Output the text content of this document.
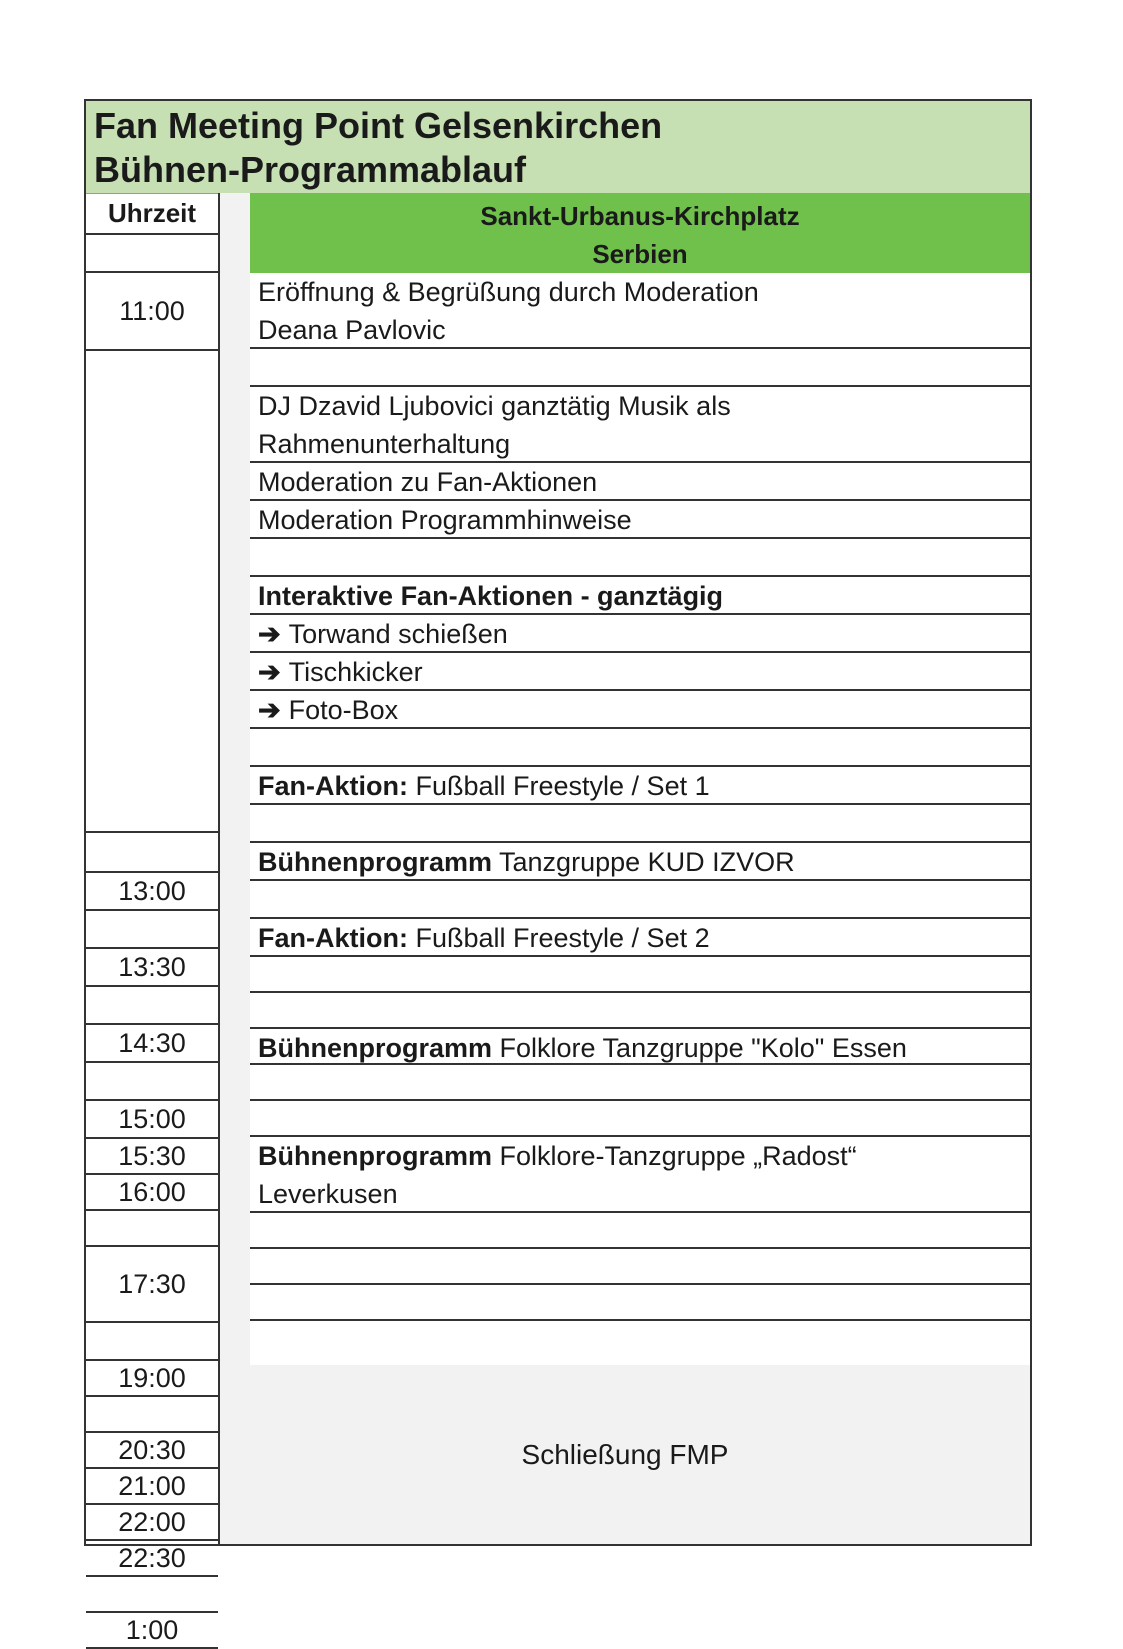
Fan Meeting Point Gelsenkirchen
Bühnen-Programmablauf
Uhrzeit
11:00
13:00
13:30
14:30
15:00
15:30
16:00
17:30
19:00
20:30
21:00
22:00
22:30
1:00
Sankt-Urbanus-Kirchplatz
Serbien
Eröffnung & Begrüßung durch Moderation
Deana Pavlovic
DJ Dzavid Ljubovici ganztätig Musik als
Rahmenunterhaltung
Moderation zu Fan-Aktionen
Moderation Programmhinweise
Interaktive Fan-Aktionen - ganztägig
➔ Torwand schießen
➔ Tischkicker
➔ Foto-Box
Fan-Aktion: Fußball Freestyle / Set 1
Bühnenprogramm Tanzgruppe KUD IZVOR
Fan-Aktion: Fußball Freestyle / Set 2
Bühnenprogramm Folklore Tanzgruppe "Kolo" Essen
Bühnenprogramm Folklore-Tanzgruppe „Radost“
Leverkusen
Schließung FMP
